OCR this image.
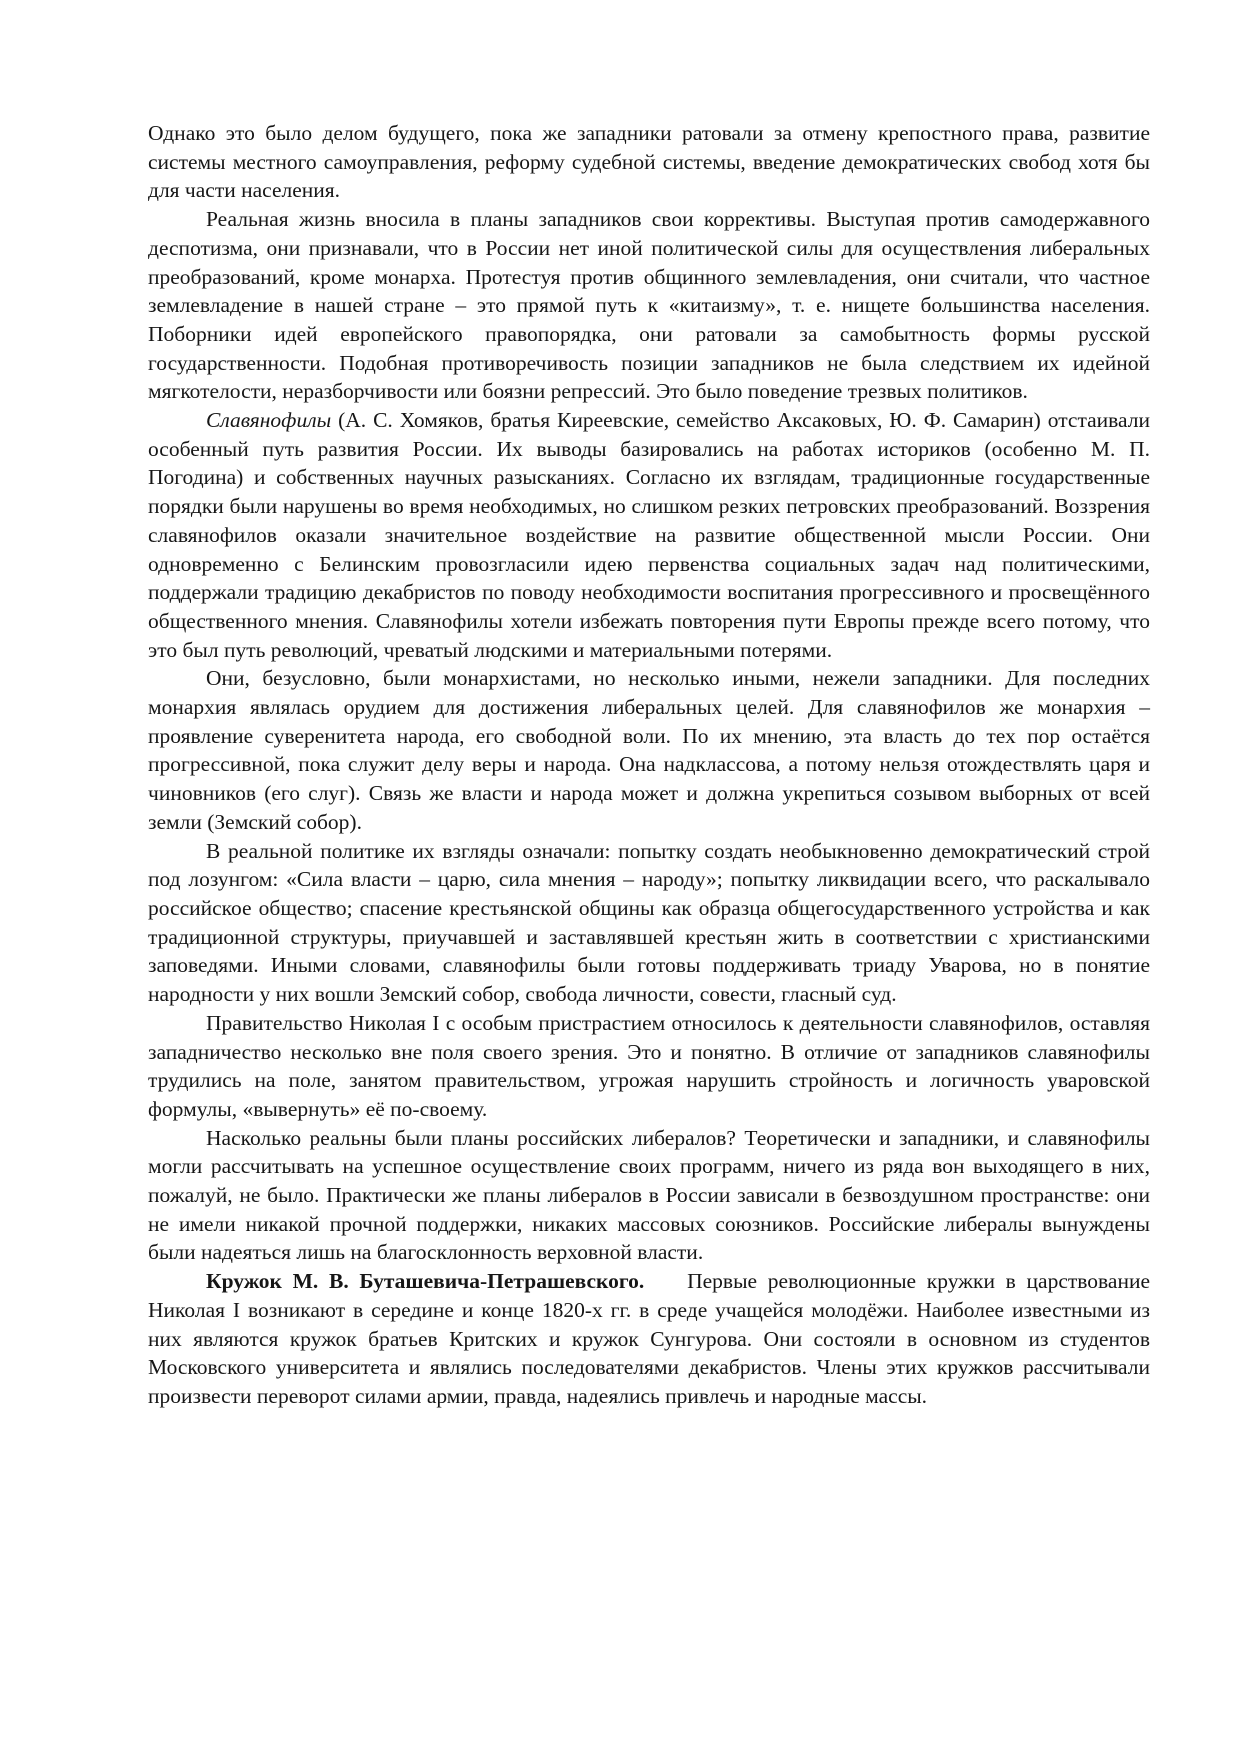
Однако это было делом будущего, пока же западники ратовали за отмену крепостного права, развитие системы местного самоуправления, реформу судебной системы, введение демократических свобод хотя бы для части населения.

Реальная жизнь вносила в планы западников свои коррективы. Выступая против самодержавного деспотизма, они признавали, что в России нет иной политической силы для осуществления либеральных преобразований, кроме монарха. Протестуя против общинного землевладения, они считали, что частное землевладение в нашей стране – это прямой путь к «китаизму», т. е. нищете большинства населения. Поборники идей европейского правопорядка, они ратовали за самобытность формы русской государственности. Подобная противоречивость позиции западников не была следствием их идейной мягкотелости, неразборчивости или боязни репрессий. Это было поведение трезвых политиков.

Славянофилы (А. С. Хомяков, братья Киреевские, семейство Аксаковых, Ю. Ф. Самарин) отстаивали особенный путь развития России. Их выводы базировались на работах историков (особенно М. П. Погодина) и собственных научных разысканиях. Согласно их взглядам, традиционные государственные порядки были нарушены во время необходимых, но слишком резких петровских преобразований. Воззрения славянофилов оказали значительное воздействие на развитие общественной мысли России. Они одновременно с Белинским провозгласили идею первенства социальных задач над политическими, поддержали традицию декабристов по поводу необходимости воспитания прогрессивного и просвещённого общественного мнения. Славянофилы хотели избежать повторения пути Европы прежде всего потому, что это был путь революций, чреватый людскими и материальными потерями.

Они, безусловно, были монархистами, но несколько иными, нежели западники. Для последних монархия являлась орудием для достижения либеральных целей. Для славянофилов же монархия – проявление суверенитета народа, его свободной воли. По их мнению, эта власть до тех пор остаётся прогрессивной, пока служит делу веры и народа. Она надклассова, а потому нельзя отождествлять царя и чиновников (его слуг). Связь же власти и народа может и должна укрепиться созывом выборных от всей земли (Земский собор).

В реальной политике их взгляды означали: попытку создать необыкновенно демократический строй под лозунгом: «Сила власти – царю, сила мнения – народу»; попытку ликвидации всего, что раскалывало российское общество; спасение крестьянской общины как образца общегосударственного устройства и как традиционной структуры, приучавшей и заставлявшей крестьян жить в соответствии с христианскими заповедями. Иными словами, славянофилы были готовы поддерживать триаду Уварова, но в понятие народности у них вошли Земский собор, свобода личности, совести, гласный суд.

Правительство Николая I с особым пристрастием относилось к деятельности славянофилов, оставляя западничество несколько вне поля своего зрения. Это и понятно. В отличие от западников славянофилы трудились на поле, занятом правительством, угрожая нарушить стройность и логичность уваровской формулы, «вывернуть» её по-своему.

Насколько реальны были планы российских либералов? Теоретически и западники, и славянофилы могли рассчитывать на успешное осуществление своих программ, ничего из ряда вон выходящего в них, пожалуй, не было. Практически же планы либералов в России зависали в безвоздушном пространстве: они не имели никакой прочной поддержки, никаких массовых союзников. Российские либералы вынуждены были надеяться лишь на благосклонность верховной власти.

Кружок М. В. Буташевича-Петрашевского.    Первые революционные кружки в царствование Николая I возникают в середине и конце 1820-х гг. в среде учащейся молодёжи. Наиболее известными из них являются кружок братьев Критских и кружок Сунгурова. Они состояли в основном из студентов Московского университета и являлись последователями декабристов. Члены этих кружков рассчитывали произвести переворот силами армии, правда, надеялись привлечь и народные массы.
